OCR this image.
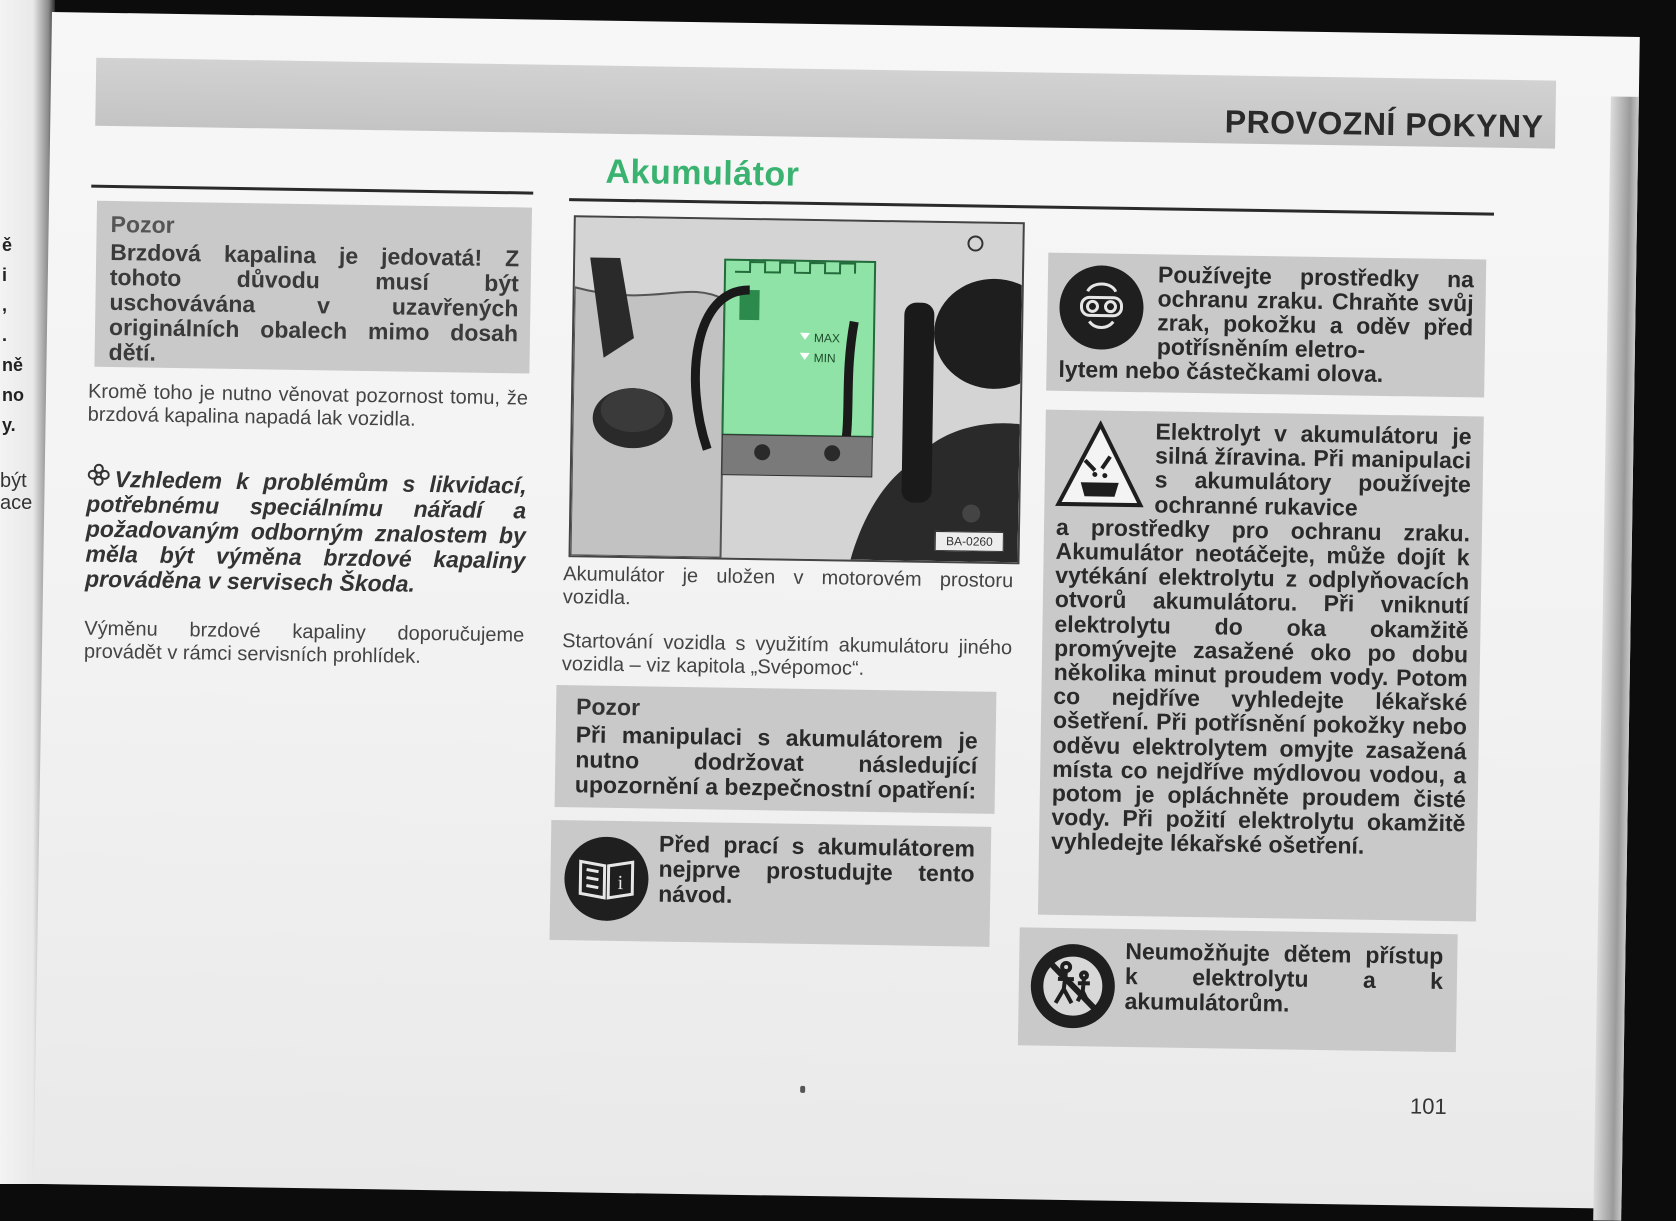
ě
i
,
.
ně
no
y.
být
ace
PROVOZNÍ POKYNY
Akumulátor
Pozor
Brzdová kapalina je jedovatá! Z tohoto důvodu musí být uschovávána v uzavřených originálních obalech mimo dosah dětí.
Kromě toho je nutno věnovat pozornost tomu, že brzdová kapalina napadá lak vozidla.
Vzhledem k problémům s likvidací, potřebnému speciálnímu nářadí a požadovaným odborným znalostem by měla být výměna brzdové kapaliny prováděna v servisech Škoda.
Výměnu brzdové kapaliny doporučujeme provádět v rámci servisních prohlídek.
MAX
MIN
BA-0260
Akumulátor je uložen v motorovém prostoru vozidla.
Startování vozidla s využitím akumulátoru jiného vozidla – viz kapitola „Svépomoc“.
Pozor
Při manipulaci s akumulátorem je nutno dodržovat následující upozornění a bezpečnostní opatření:
i
Před prací s akumulátorem nejprve prostudujte tento návod.
Používejte prostředky na ochranu zraku. Chraňte svůj zrak, pokožku a oděv před potřísněním eletro-
lytem nebo částečkami olova.
Elektrolyt v akumulátoru je silná žíravina. Při manipulaci s akumulátory používejte ochranné rukavice
a prostředky pro ochranu zraku. Akumulátor neotáčejte, může dojít k vytékání elektrolytu z odplyňovacích otvorů akumulátoru. Při vniknutí elektrolytu do oka okamžitě promývejte zasažené oko po dobu několika minut proudem vody. Potom co nejdříve vyhledejte lékařské ošetření. Při potřísnění pokožky nebo oděvu elektrolytem omyjte zasažená místa co nejdříve mýdlovou vodou, a potom je opláchněte proudem čisté vody. Při požití elektrolytu okamžitě vyhledejte lékařské ošetření.
Neumožňujte dětem přístup k elektrolytu a k akumulátorům.
101
